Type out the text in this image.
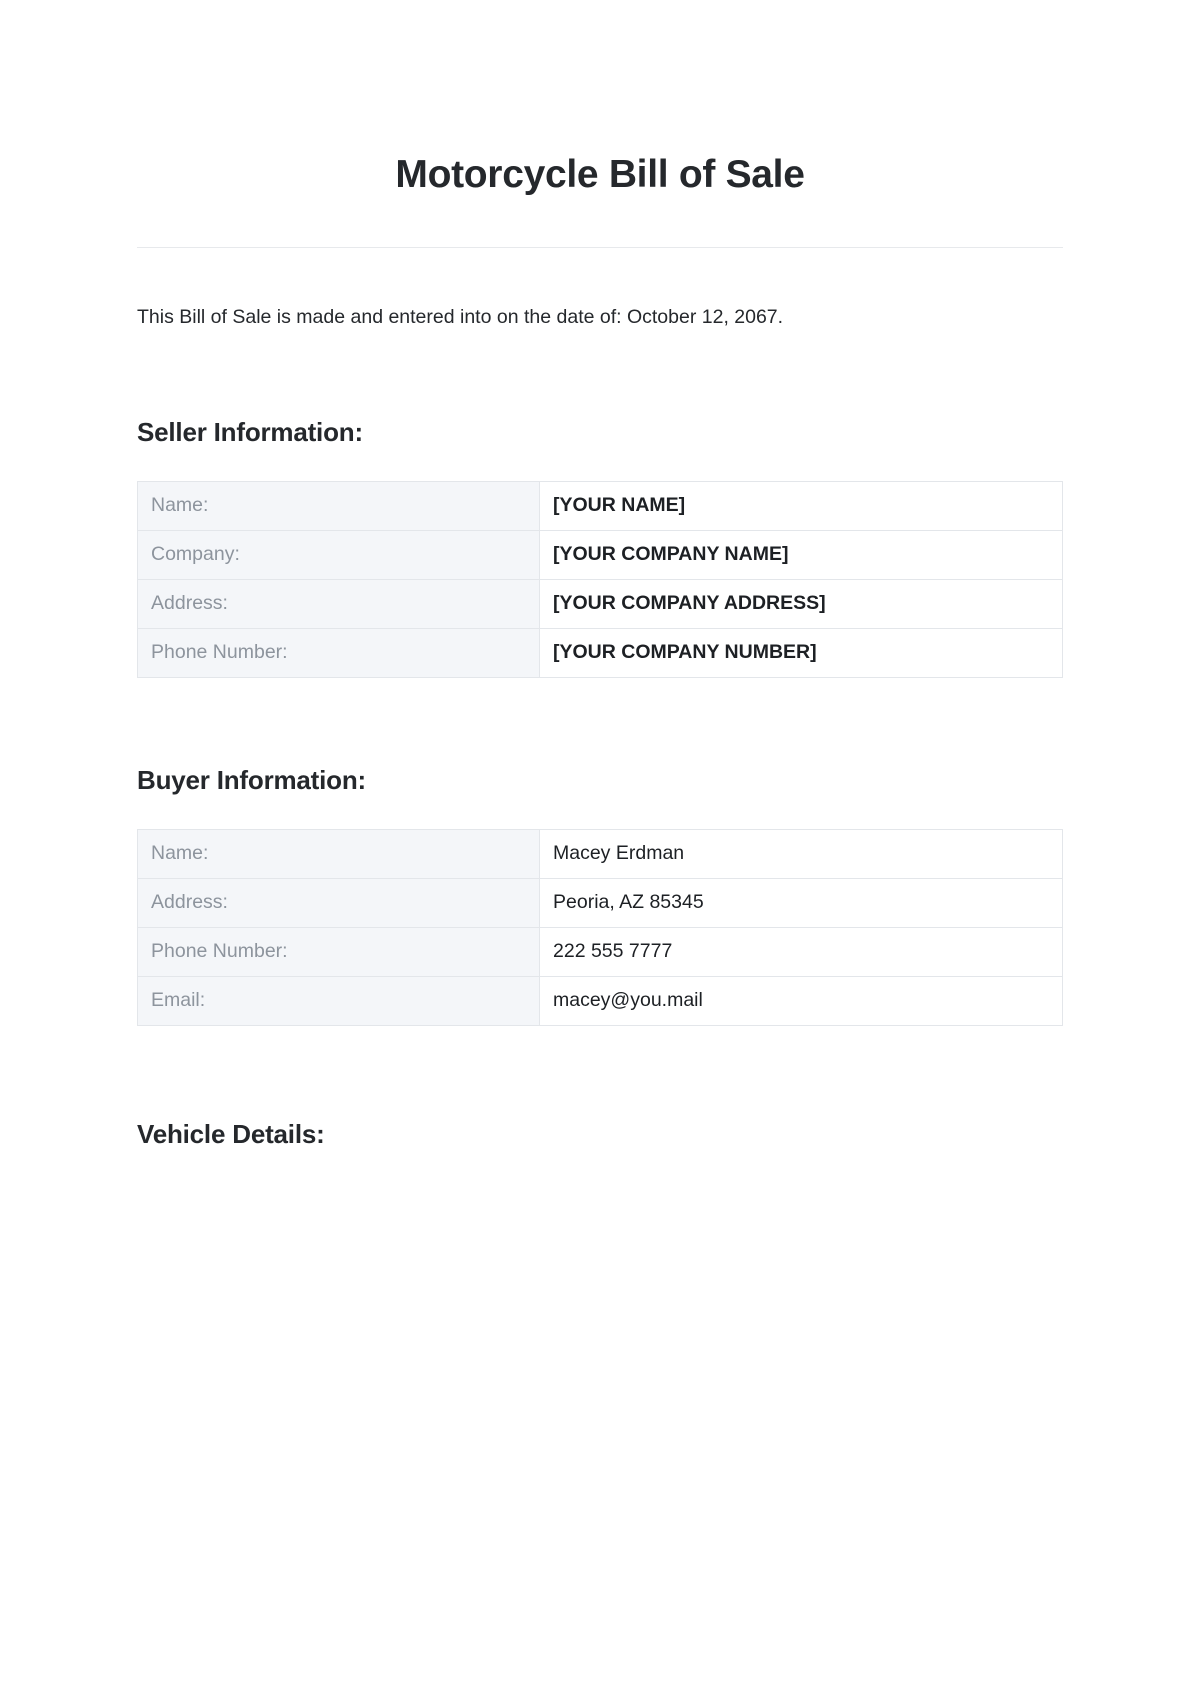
Motorcycle Bill of Sale

This Bill of Sale is made and entered into on the date of: October 12, 2067.

Seller Information:
Name:	[YOUR NAME]
Company:	[YOUR COMPANY NAME]
Address:	[YOUR COMPANY ADDRESS]
Phone Number:	[YOUR COMPANY NUMBER]
Buyer Information:
Name:	Macey Erdman
Address:	Peoria, AZ 85345
Phone Number:	222 555 7777
Email:	macey@you.mail
Vehicle Details:
